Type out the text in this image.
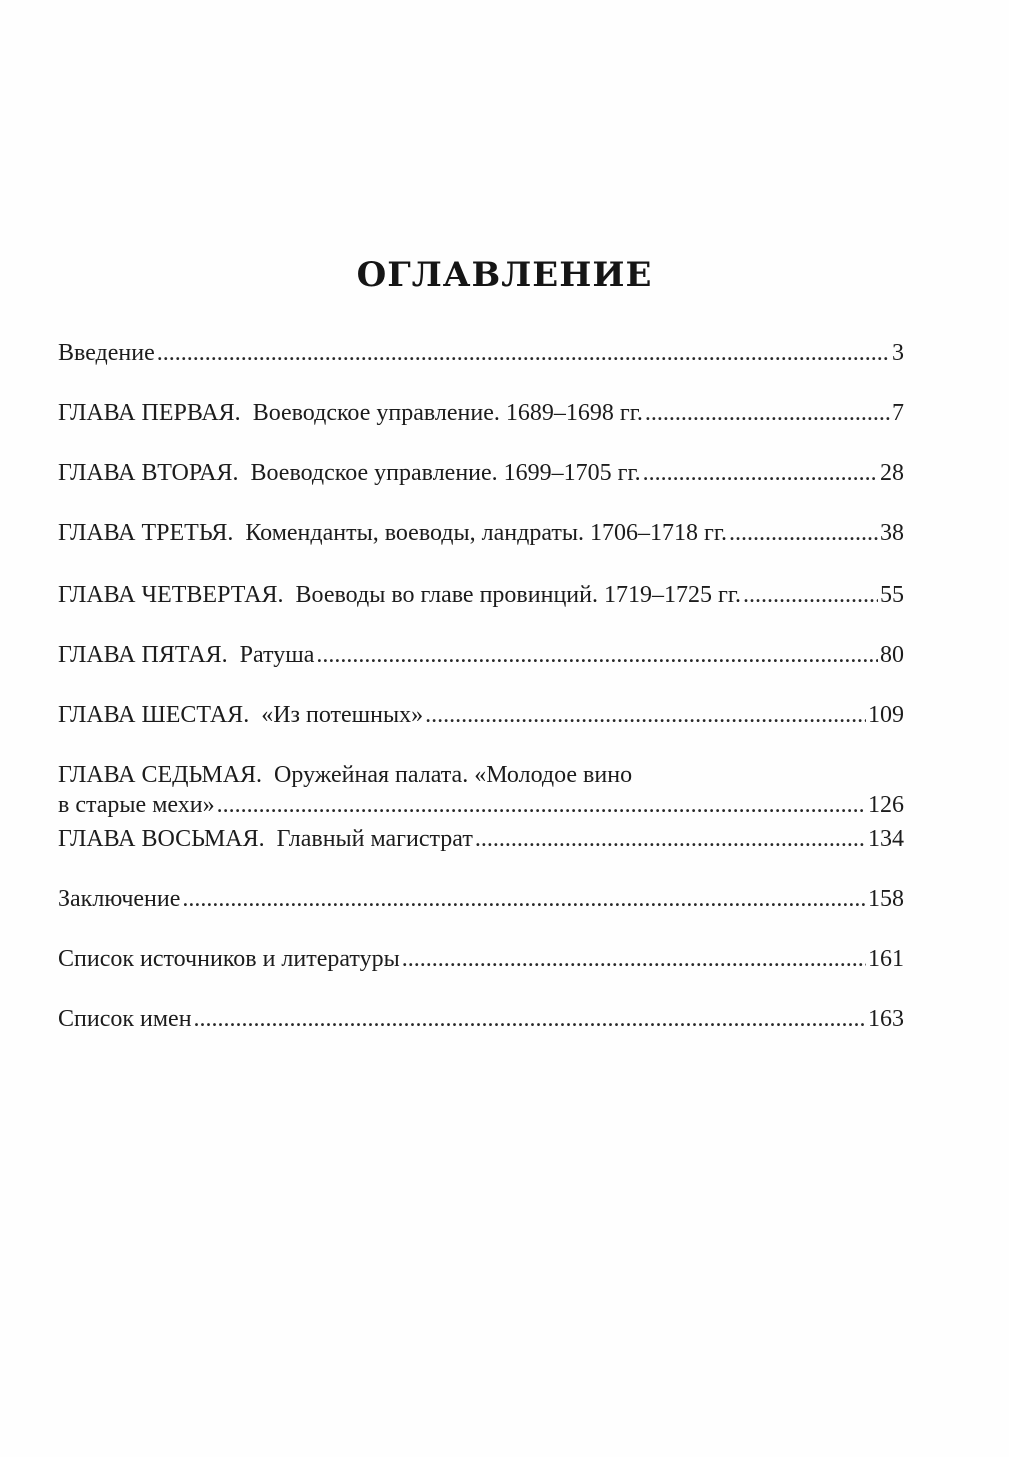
ОГЛАВЛЕНИЕ
Введение .....	3
ГЛАВА ПЕРВАЯ. Воеводское управление. 1689–1698 гг. .....	7
ГЛАВА ВТОРАЯ. Воеводское управление. 1699–1705 гг. .....	28
ГЛАВА ТРЕТЬЯ. Коменданты, воеводы, ландраты. 1706–1718 гг. .....	38
ГЛАВА ЧЕТВЕРТАЯ. Воеводы во главе провинций. 1719–1725 гг. .....	55
ГЛАВА ПЯТАЯ. Ратуша .....	80
ГЛАВА ШЕСТАЯ. «Из потешных» .....	109
ГЛАВА СЕДЬМАЯ. Оружейная палата. «Молодое вино
в старые мехи» .....	126
ГЛАВА ВОСЬМАЯ. Главный магистрат .....	134
Заключение .....	158
Список источников и литературы .....	161
Список имен .....	163
